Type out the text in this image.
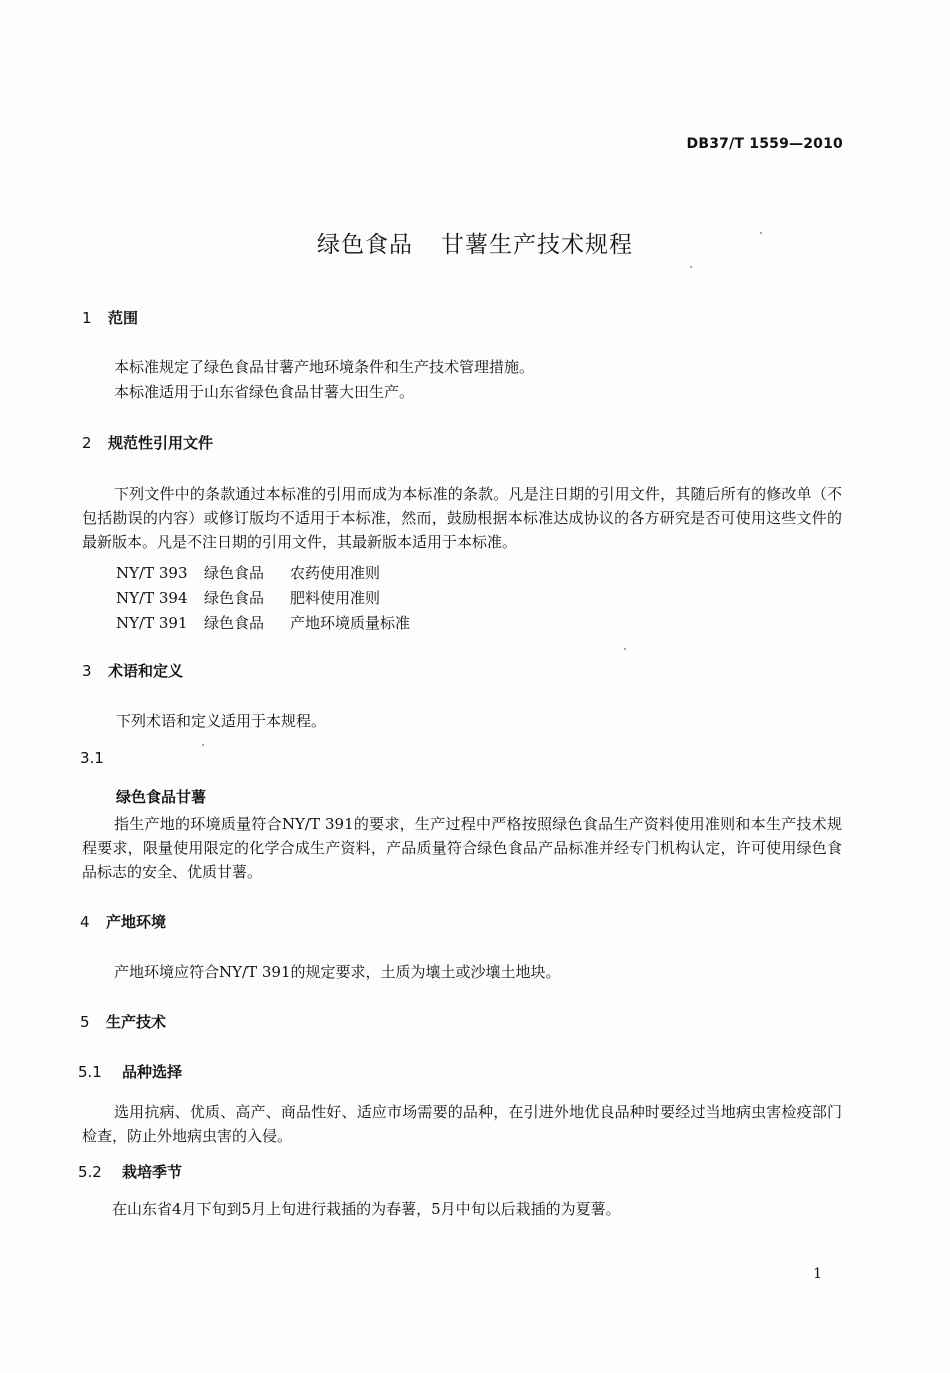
DB37/T 1559—2010
绿色食品 甘薯生产技术规程
1 范围
本标准规定了绿色食品甘薯产地环境条件和生产技术管理措施。
本标准适用于山东省绿色食品甘薯大田生产。
2 规范性引用文件
下列文件中的条款通过本标准的引用而成为本标准的条款。凡是注日期的引用文件，其随后所有的修改单（不包括勘误的内容）或修订版均不适用于本标准，然而，鼓励根据本标准达成协议的各方研究是否可使用这些文件的最新版本。凡是不注日期的引用文件，其最新版本适用于本标准。
NY/T 393 绿色食品 农药使用准则
NY/T 394 绿色食品 肥料使用准则
NY/T 391 绿色食品 产地环境质量标准
3 术语和定义
下列术语和定义适用于本规程。
3.1
绿色食品甘薯
指生产地的环境质量符合NY/T 391的要求，生产过程中严格按照绿色食品生产资料使用准则和本生产技术规程要求，限量使用限定的化学合成生产资料，产品质量符合绿色食品产品标准并经专门机构认定，许可使用绿色食品标志的安全、优质甘薯。
4 产地环境
产地环境应符合NY/T 391的规定要求，土质为壤土或沙壤土地块。
5 生产技术
5.1 品种选择
选用抗病、优质、高产、商品性好、适应市场需要的品种，在引进外地优良品种时要经过当地病虫害检疫部门检查，防止外地病虫害的入侵。
5.2 栽培季节
在山东省4月下旬到5月上旬进行栽插的为春薯，5月中旬以后栽插的为夏薯。
1
